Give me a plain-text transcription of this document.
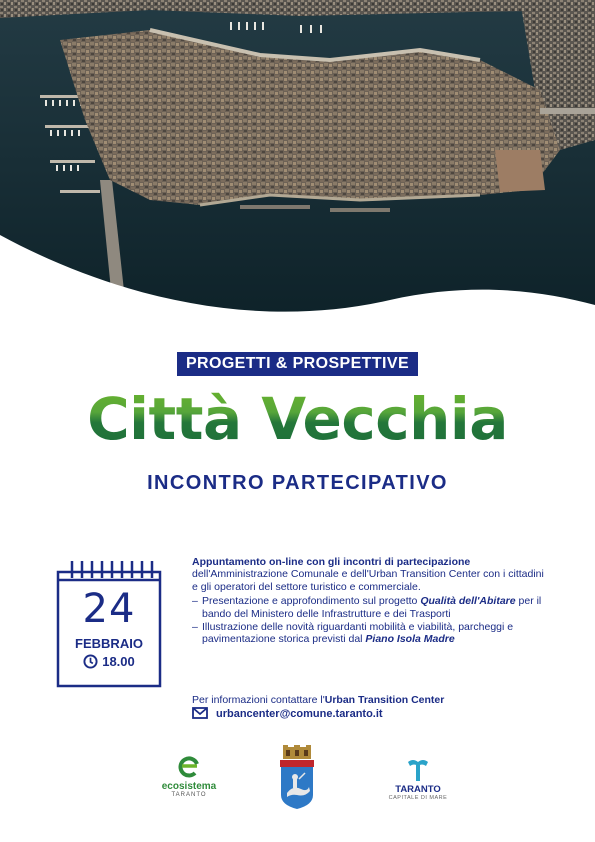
PROGETTI & PROSPETTIVE
Città Vecchia
INCONTRO PARTECIPATIVO
24
FEBBRAIO
18.00
Appuntamento on-line con gli incontri di partecipazione
dell'Amministrazione Comunale e dell'Urban Transition Center con i cittadini e gli operatori del settore turistico e commerciale.
– Presentazione e approfondimento sul progetto Qualità dell'Abitare per il bando del Ministero delle Infrastrutture e dei Trasporti
– Illustrazione delle novità riguardanti mobilità e viabilità, parcheggi e pavimentazione storica previsti dal Piano Isola Madre
Per informazioni contattare l'Urban Transition Center
urbancenter@comune.taranto.it
ecosistema
TARANTO	TARANTO
CAPITALE DI MARE
